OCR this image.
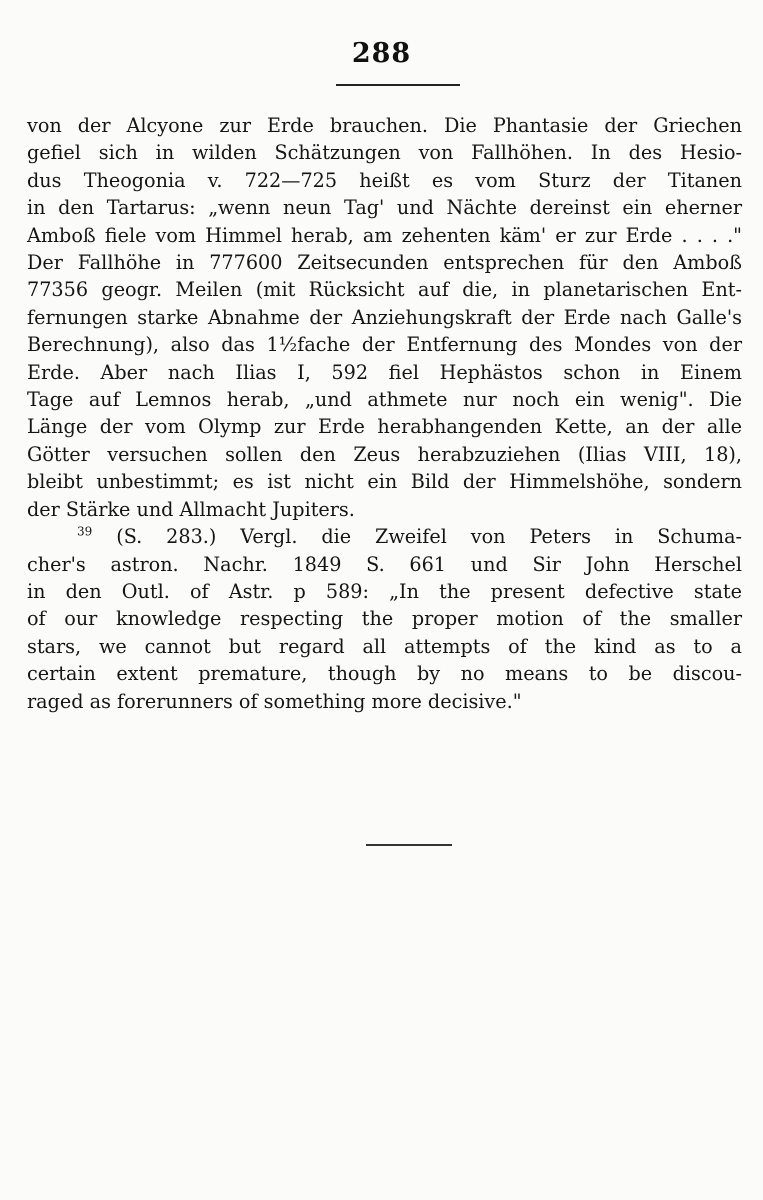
288
von der Alcyone zur Erde brauchen. Die Phantasie der Griechen
gefiel sich in wilden Schätzungen von Fallhöhen. In des Hesio-
dus Theogonia v. 722—725 heißt es vom Sturz der Titanen
in den Tartarus: „wenn neun Tag' und Nächte dereinst ein eherner
Amboß fiele vom Himmel herab, am zehenten käm' er zur Erde . . . ."
Der Fallhöhe in 777600 Zeitsecunden entsprechen für den Amboß
77356 geogr. Meilen (mit Rücksicht auf die, in planetarischen Ent-
fernungen starke Abnahme der Anziehungskraft der Erde nach Galle's
Berechnung), also das 1½fache der Entfernung des Mondes von der
Erde. Aber nach Ilias I, 592 fiel Hephästos schon in Einem
Tage auf Lemnos herab, „und athmete nur noch ein wenig". Die
Länge der vom Olymp zur Erde herabhangenden Kette, an der alle
Götter versuchen sollen den Zeus herabzuziehen (Ilias VIII, 18),
bleibt unbestimmt; es ist nicht ein Bild der Himmelshöhe, sondern
der Stärke und Allmacht Jupiters.
$^{39}$ (S. 283.) Vergl. die Zweifel von Peters in Schuma-
cher's astron. Nachr. 1849 S. 661 und Sir John Herschel
in den Outl. of Astr. p 589: „In the present defective state
of our knowledge respecting the proper motion of the smaller
stars, we cannot but regard all attempts of the kind as to a
certain extent premature, though by no means to be discou-
raged as forerunners of something more decisive."
